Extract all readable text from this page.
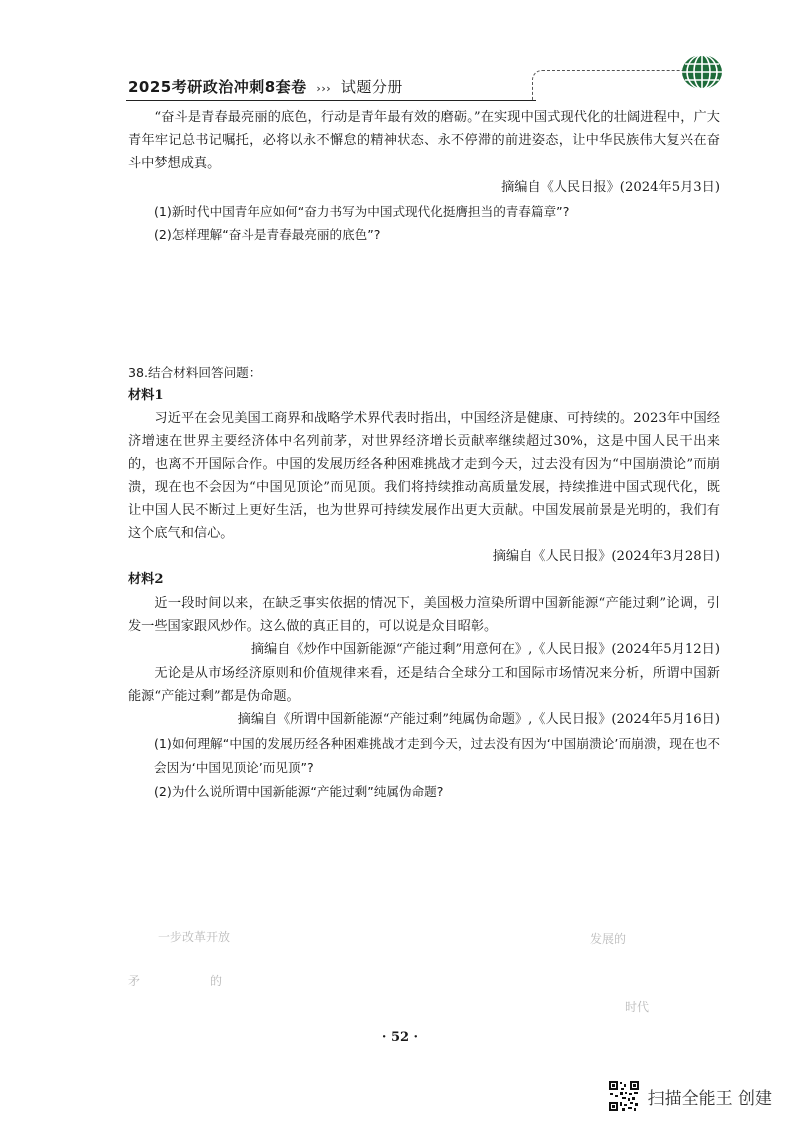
2025考研政治冲刺8套卷 ››› 试题分册
“奋斗是青春最亮丽的底色，行动是青年最有效的磨砺。”在实现中国式现代化的壮阔进程中，广大青年牢记总书记嘱托，必将以永不懈怠的精神状态、永不停滞的前进姿态，让中华民族伟大复兴在奋斗中梦想成真。
摘编自《人民日报》(2024年5月3日)
(1)新时代中国青年应如何“奋力书写为中国式现代化挺膺担当的青春篇章”?
(2)怎样理解“奋斗是青春最亮丽的底色”?
38.结合材料回答问题：
材料1
习近平在会见美国工商界和战略学术界代表时指出，中国经济是健康、可持续的。2023年中国经济增速在世界主要经济体中名列前茅，对世界经济增长贡献率继续超过30%，这是中国人民干出来的，也离不开国际合作。中国的发展历经各种困难挑战才走到今天，过去没有因为“中国崩溃论”而崩溃，现在也不会因为“中国见顶论”而见顶。我们将持续推动高质量发展，持续推进中国式现代化，既让中国人民不断过上更好生活，也为世界可持续发展作出更大贡献。中国发展前景是光明的，我们有这个底气和信心。
摘编自《人民日报》(2024年3月28日)
材料2
近一段时间以来，在缺乏事实依据的情况下，美国极力渲染所谓中国新能源“产能过剩”论调，引发一些国家跟风炒作。这么做的真正目的，可以说是众目昭彰。
摘编自《炒作中国新能源“产能过剩”用意何在》,《人民日报》(2024年5月12日)
无论是从市场经济原则和价值规律来看，还是结合全球分工和国际市场情况来分析，所谓中国新能源“产能过剩”都是伪命题。
摘编自《所谓中国新能源“产能过剩”纯属伪命题》,《人民日报》(2024年5月16日)
(1)如何理解“中国的发展历经各种困难挑战才走到今天，过去没有因为‘中国崩溃论’而崩溃，现在也不会因为‘中国见顶论’而见顶”?
(2)为什么说所谓中国新能源“产能过剩”纯属伪命题?
一步改革开放	发展的
矛	的
时代
· 52 ·
扫描全能王 创建
